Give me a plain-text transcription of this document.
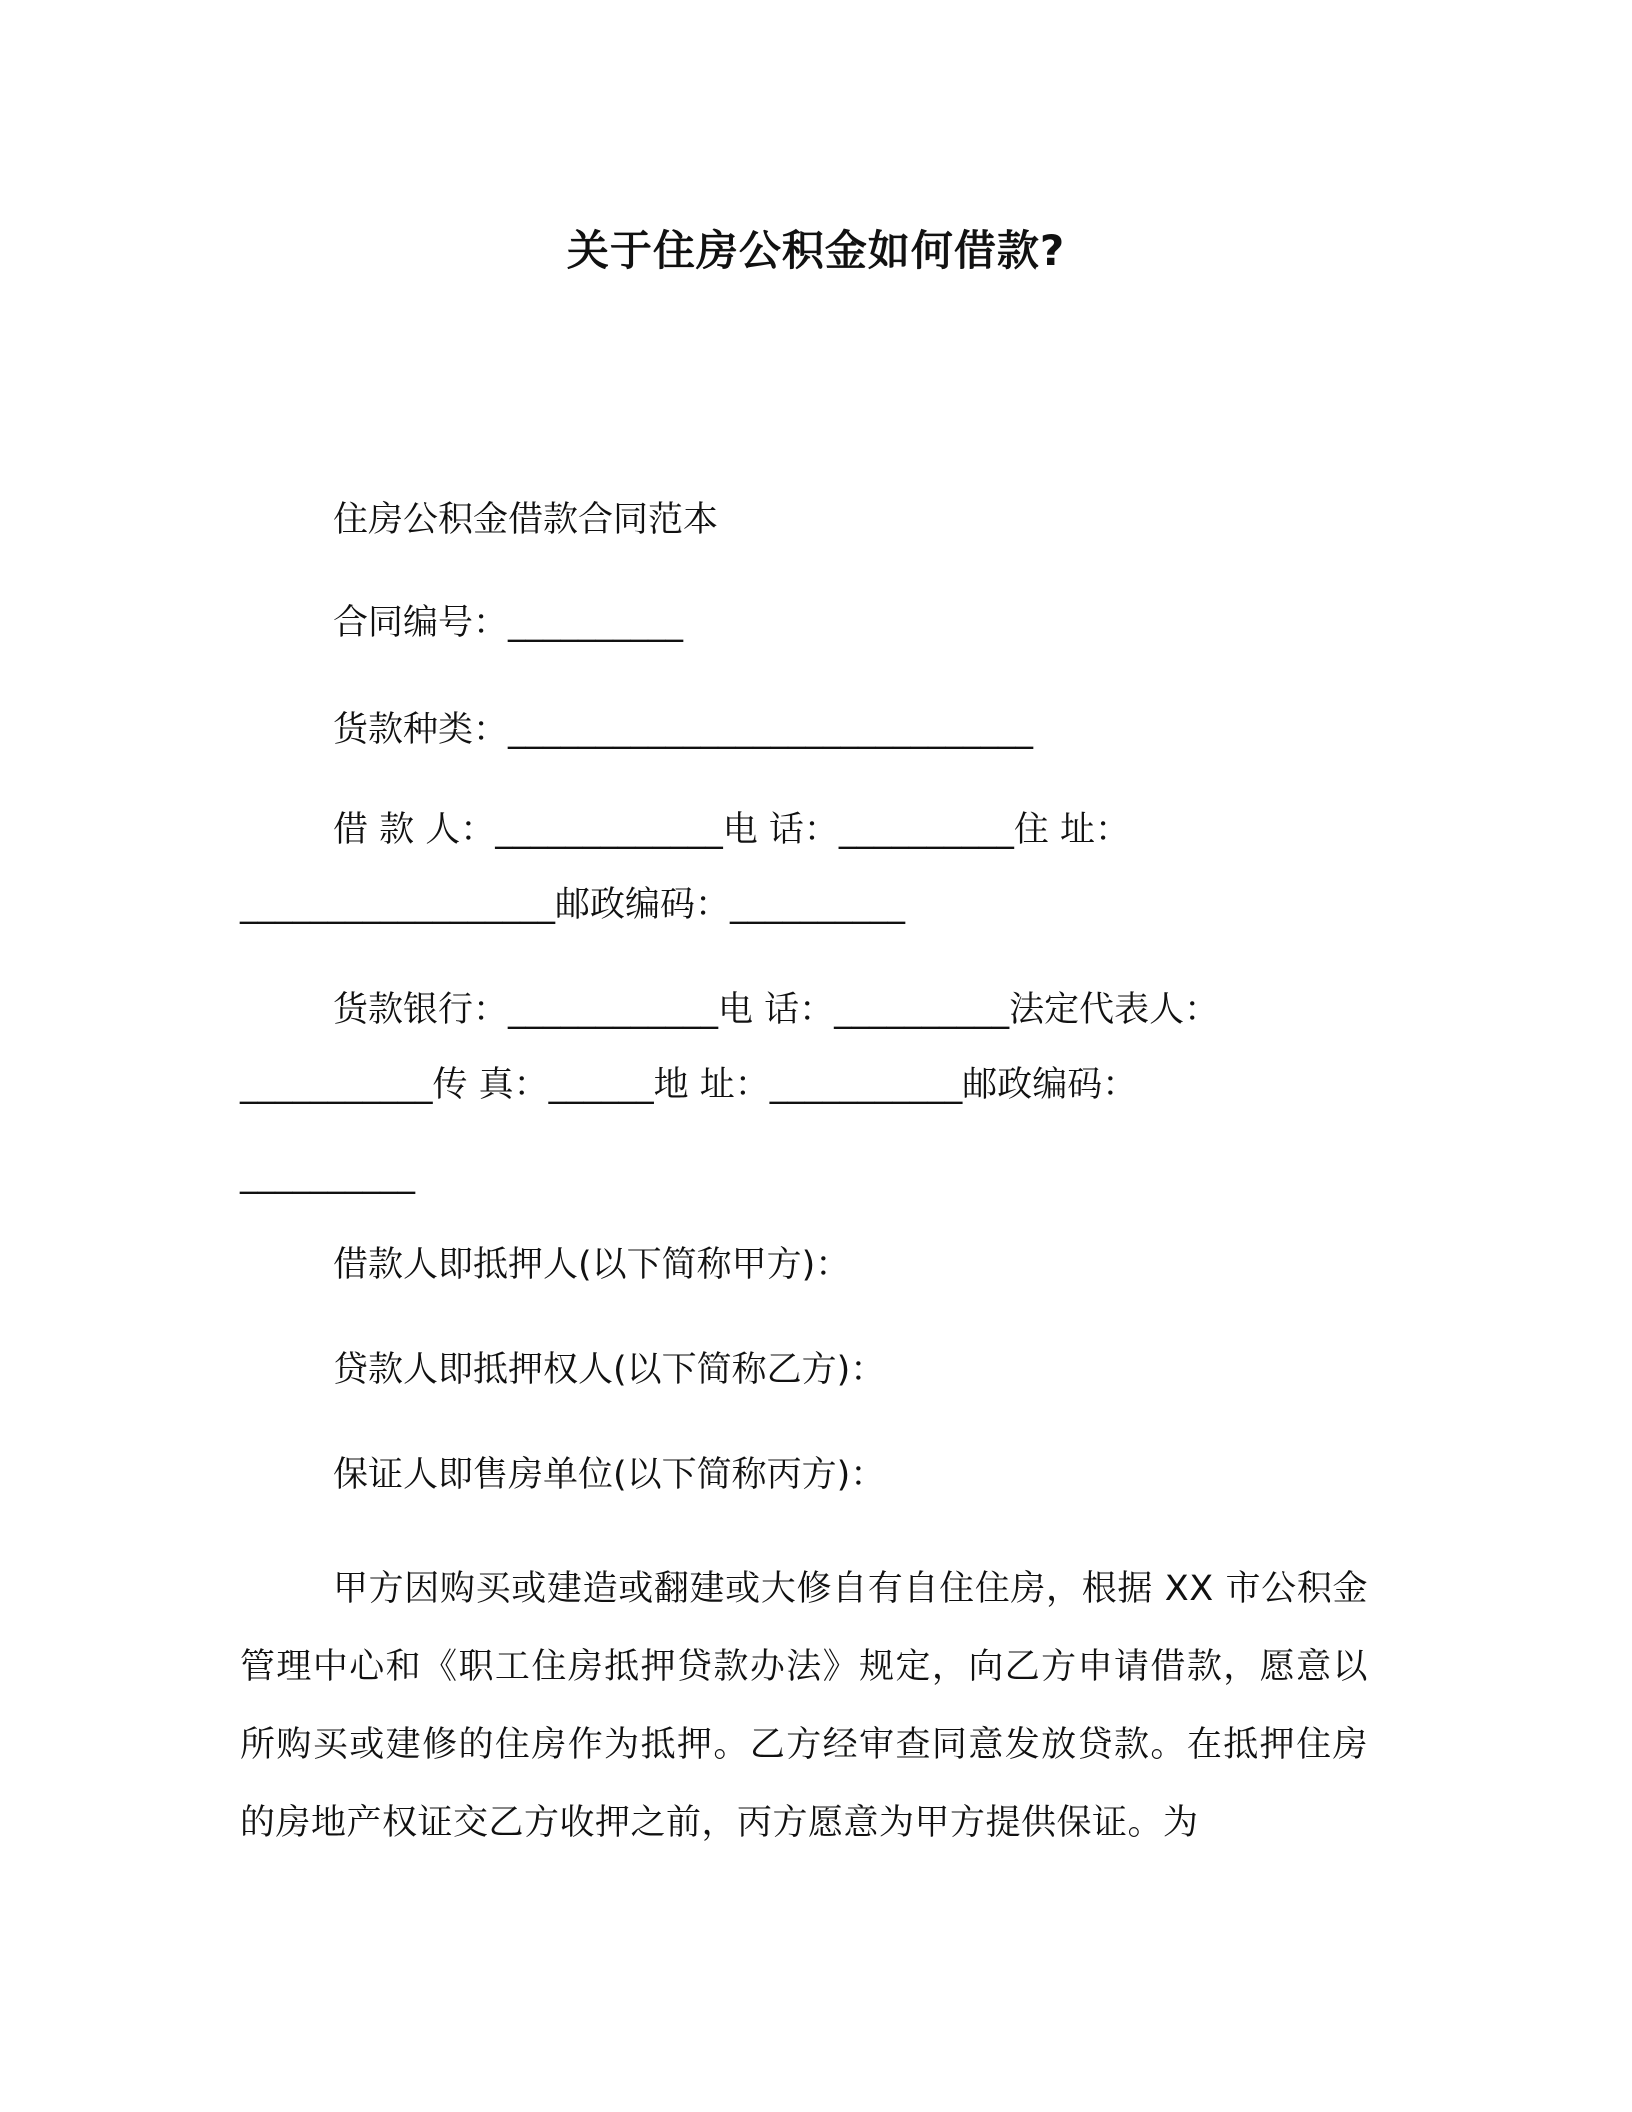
关于住房公积金如何借款?
住房公积金借款合同范本
合同编号：__________
货款种类：______________________________
借 款 人：_____________电 话：__________住 址：
__________________邮政编码：__________
货款银行：____________电 话：__________法定代表人：
___________传 真：______地 址：___________邮政编码：
__________
借款人即抵押人(以下简称甲方)：
贷款人即抵押权人(以下简称乙方)：
保证人即售房单位(以下简称丙方)：
甲方因购买或建造或翻建或大修自有自住住房，根据 XX 市公积金管理中心和《职工住房抵押贷款办法》规定，向乙方申请借款，愿意以所购买或建修的住房作为抵押。乙方经审查同意发放贷款。在抵押住房的房地产权证交乙方收押之前，丙方愿意为甲方提供保证。为
